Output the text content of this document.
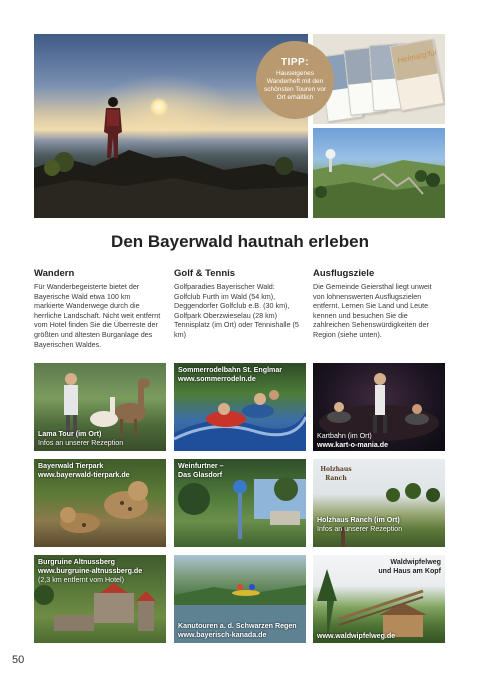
TIPP:
Hauseigenes Wanderheft mit den schönsten Touren vor Ort erhältlich
Heimatg'fui
Den Bayerwald hautnah erleben
Wandern

Für Wanderbegeisterte bietet der Bayerische Wald etwa 100 km markierte Wanderwege durch die herrliche Landschaft. Nicht weit entfernt vom Hotel finden Sie die Überreste der größten und ältesten Burganlage des Bayerischen Waldes.

Golf & Tennis

Golfparadies Bayerischer Wald: Golfclub Furth im Wald (54 km), Deggendorfer Golfclub e.B. (30 km), Golfpark Oberzwieselau (28 km) Tennisplatz (im Ort) oder Tennishalle (5 km)

Ausflugsziele

Die Gemeinde Geiersthal liegt unweit von lohnenswerten Ausflugszielen entfernt. Lernen Sie Land und Leute kennen und besuchen Sie die zahlreichen Sehenswürdigkeiten der Region (siehe unten).

Lama Tour (im Ort)
Infos an unserer Rezeption
Sommerrodelbahn St. Englmar
www.sommerrodeln.de
Kartbahn (im Ort)
www.kart-o-mania.de
Bayerwald Tierpark
www.bayerwald-tierpark.de
Weinfurtner –
Das Glasdorf
Holzhaus Ranch
Holzhaus Ranch (im Ort)
Infos an unserer Rezeption
Burgruine Altnussberg
www.burgruine-altnussberg.de
(2,3 km entfernt vom Hotel)
Kanutouren a. d. Schwarzen Regen
www.bayerisch-kanada.de
Waldwipfelweg
und Haus am Kopf
www.waldwipfelweg.de
50
